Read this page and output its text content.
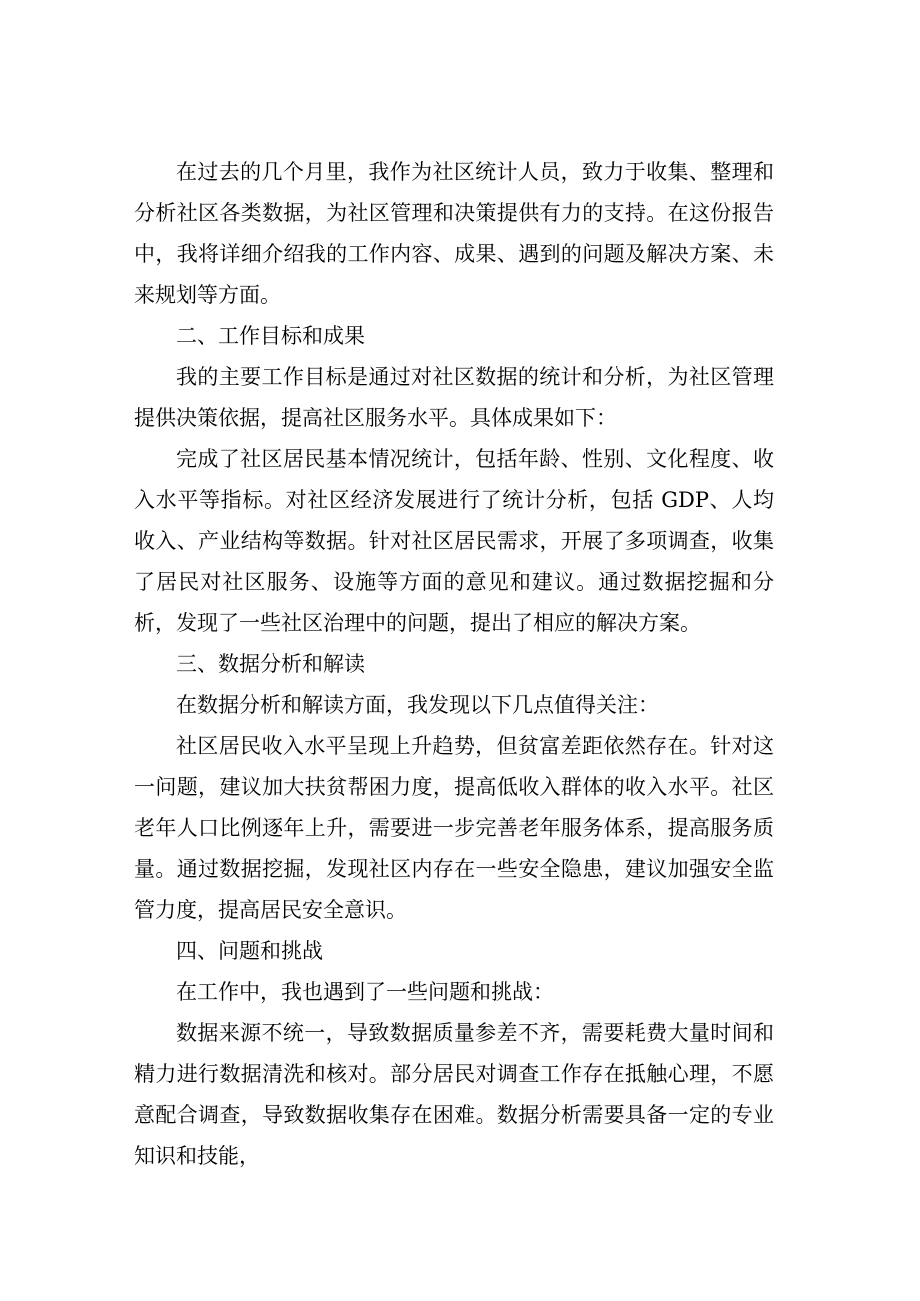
在过去的几个月里，我作为社区统计人员，致力于收集、整理和分析社区各类数据，为社区管理和决策提供有力的支持。在这份报告中，我将详细介绍我的工作内容、成果、遇到的问题及解决方案、未来规划等方面。

二、工作目标和成果

我的主要工作目标是通过对社区数据的统计和分析，为社区管理提供决策依据，提高社区服务水平。具体成果如下：

完成了社区居民基本情况统计，包括年龄、性别、文化程度、收入水平等指标。对社区经济发展进行了统计分析，包括 GDP、人均收入、产业结构等数据。针对社区居民需求，开展了多项调查，收集了居民对社区服务、设施等方面的意见和建议。通过数据挖掘和分析，发现了一些社区治理中的问题，提出了相应的解决方案。

三、数据分析和解读

在数据分析和解读方面，我发现以下几点值得关注：

社区居民收入水平呈现上升趋势，但贫富差距依然存在。针对这一问题，建议加大扶贫帮困力度，提高低收入群体的收入水平。社区老年人口比例逐年上升，需要进一步完善老年服务体系，提高服务质量。通过数据挖掘，发现社区内存在一些安全隐患，建议加强安全监管力度，提高居民安全意识。

四、问题和挑战

在工作中，我也遇到了一些问题和挑战：

数据来源不统一，导致数据质量参差不齐，需要耗费大量时间和精力进行数据清洗和核对。部分居民对调查工作存在抵触心理，不愿意配合调查，导致数据收集存在困难。数据分析需要具备一定的专业知识和技能，
